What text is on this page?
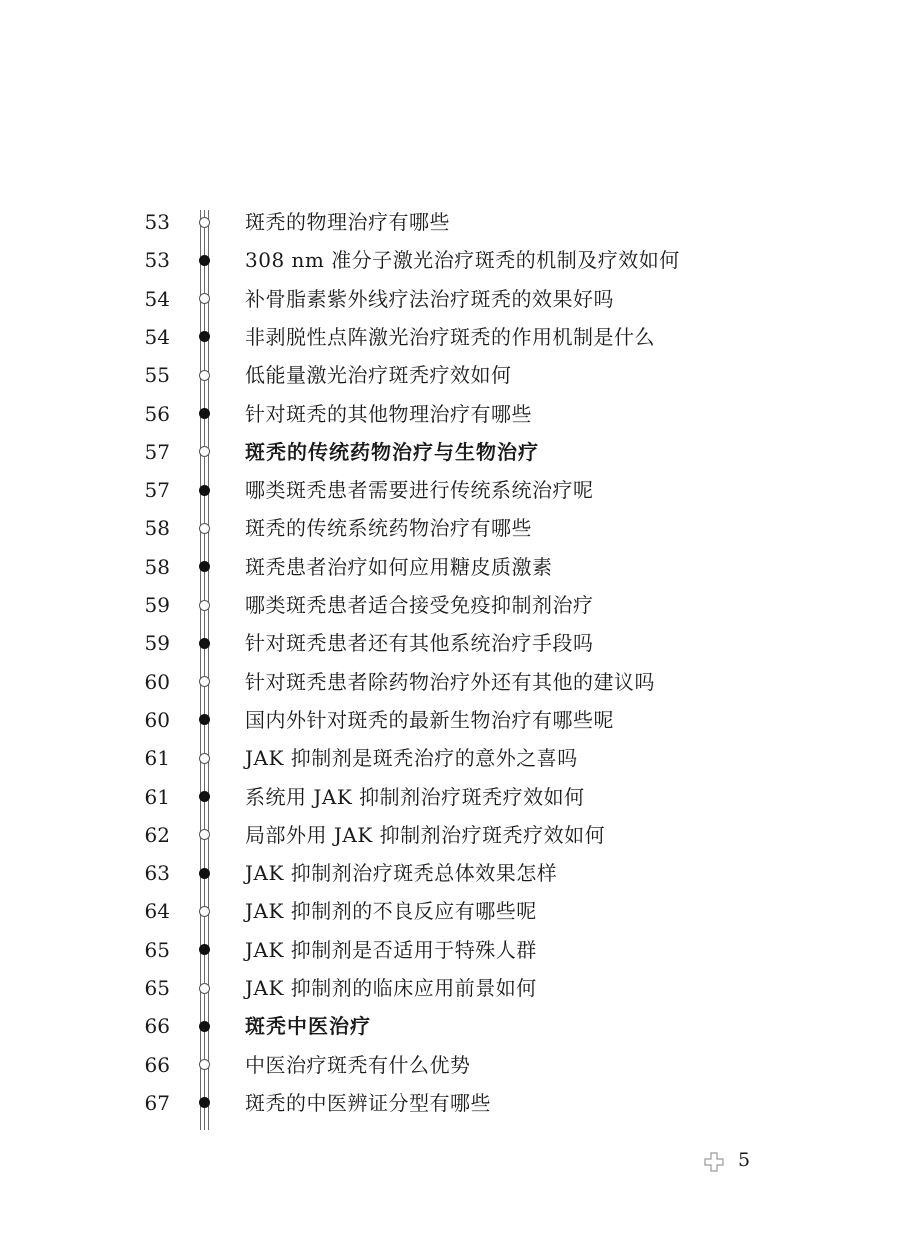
53	斑秃的物理治疗有哪些
53	308 nm 准分子激光治疗斑秃的机制及疗效如何
54	补骨脂素紫外线疗法治疗斑秃的效果好吗
54	非剥脱性点阵激光治疗斑秃的作用机制是什么
55	低能量激光治疗斑秃疗效如何
56	针对斑秃的其他物理治疗有哪些
57	斑秃的传统药物治疗与生物治疗
57	哪类斑秃患者需要进行传统系统治疗呢
58	斑秃的传统系统药物治疗有哪些
58	斑秃患者治疗如何应用糖皮质激素
59	哪类斑秃患者适合接受免疫抑制剂治疗
59	针对斑秃患者还有其他系统治疗手段吗
60	针对斑秃患者除药物治疗外还有其他的建议吗
60	国内外针对斑秃的最新生物治疗有哪些呢
61	JAK 抑制剂是斑秃治疗的意外之喜吗
61	系统用 JAK 抑制剂治疗斑秃疗效如何
62	局部外用 JAK 抑制剂治疗斑秃疗效如何
63	JAK 抑制剂治疗斑秃总体效果怎样
64	JAK 抑制剂的不良反应有哪些呢
65	JAK 抑制剂是否适用于特殊人群
65	JAK 抑制剂的临床应用前景如何
66	斑秃中医治疗
66	中医治疗斑秃有什么优势
67	斑秃的中医辨证分型有哪些
5
